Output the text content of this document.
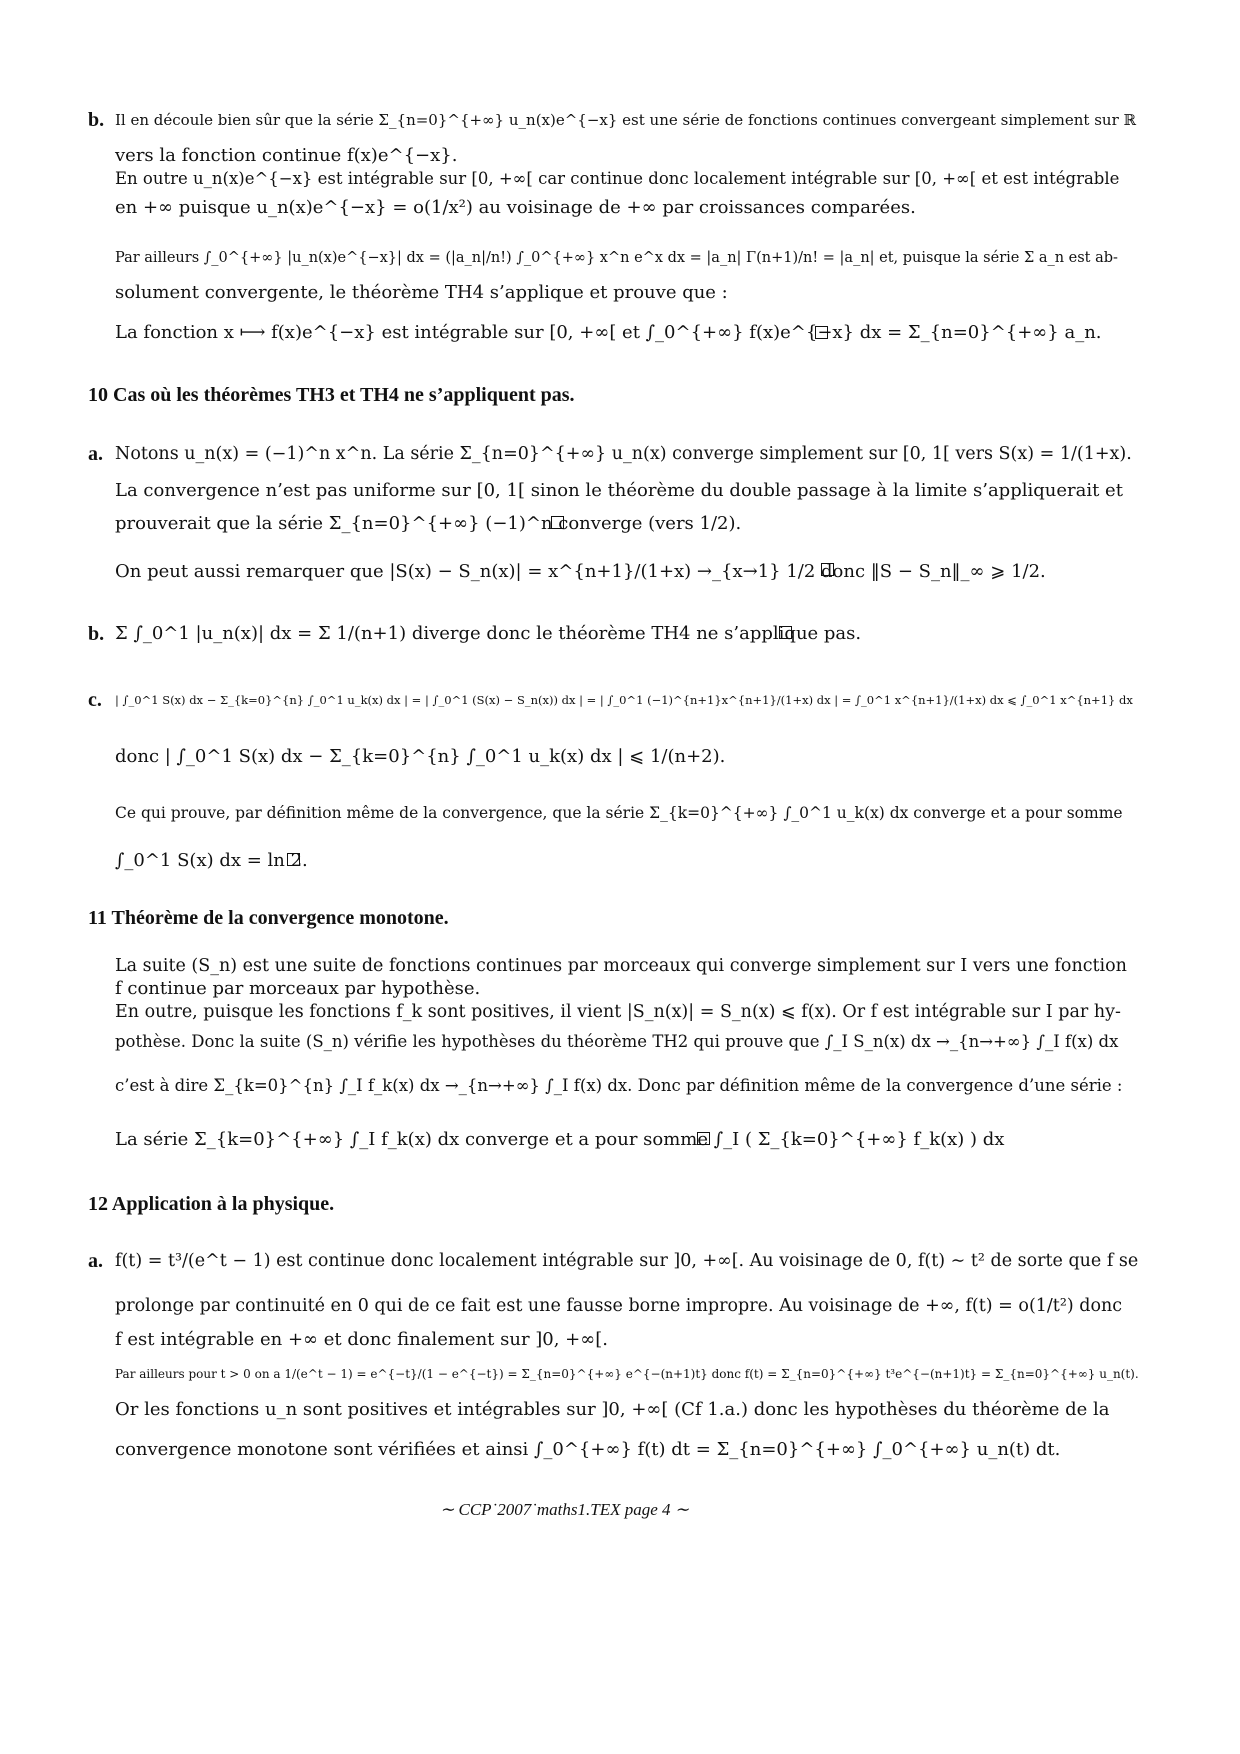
b. Il en découle bien sûr que la série Σ_{n=0}^{+∞} u_n(x)e^{−x} est une série de fonctions continues convergeant simplement sur ℝ
vers la fonction continue f(x)e^{−x}.
En outre u_n(x)e^{−x} est intégrable sur [0, +∞[ car continue donc localement intégrable sur [0, +∞[ et est intégrable
en +∞ puisque u_n(x)e^{−x} = o(1/x²) au voisinage de +∞ par croissances comparées.
Par ailleurs ∫_0^{+∞} |u_n(x)e^{−x}| dx = (|a_n|/n!) ∫_0^{+∞} x^n e^x dx = |a_n| Γ(n+1)/n! = |a_n| et, puisque la série Σ a_n est ab-
solument convergente, le théorème TH4 s’applique et prouve que :
La fonction x ⟼ f(x)e^{−x} est intégrable sur [0, +∞[ et ∫_0^{+∞} f(x)e^{−x} dx = Σ_{n=0}^{+∞} a_n.
10 Cas où les théorèmes TH3 et TH4 ne s’appliquent pas.
a. Notons u_n(x) = (−1)^n x^n. La série Σ_{n=0}^{+∞} u_n(x) converge simplement sur [0, 1[ vers S(x) = 1/(1+x).
La convergence n’est pas uniforme sur [0, 1[ sinon le théorème du double passage à la limite s’appliquerait et
prouverait que la série Σ_{n=0}^{+∞} (−1)^n converge (vers 1/2).
On peut aussi remarquer que |S(x) − S_n(x)| = x^{n+1}/(1+x) →_{x→1} 1/2 donc ‖S − S_n‖_∞ ⩾ 1/2.
b. Σ ∫_0^1 |u_n(x)| dx = Σ 1/(n+1) diverge donc le théorème TH4 ne s’applique pas.
c. | ∫_0^1 S(x) dx − Σ_{k=0}^{n} ∫_0^1 u_k(x) dx | = | ∫_0^1 (S(x) − S_n(x)) dx | = | ∫_0^1 (−1)^{n+1}x^{n+1}/(1+x) dx | = ∫_0^1 x^{n+1}/(1+x) dx ⩽ ∫_0^1 x^{n+1} dx
donc | ∫_0^1 S(x) dx − Σ_{k=0}^{n} ∫_0^1 u_k(x) dx | ⩽ 1/(n+2).
Ce qui prouve, par définition même de la convergence, que la série Σ_{k=0}^{+∞} ∫_0^1 u_k(x) dx converge et a pour somme
∫_0^1 S(x) dx = ln 2.
11 Théorème de la convergence monotone.
La suite (S_n) est une suite de fonctions continues par morceaux qui converge simplement sur I vers une fonction
f continue par morceaux par hypothèse.
En outre, puisque les fonctions f_k sont positives, il vient |S_n(x)| = S_n(x) ⩽ f(x). Or f est intégrable sur I par hy-
pothèse. Donc la suite (S_n) vérifie les hypothèses du théorème TH2 qui prouve que ∫_I S_n(x) dx →_{n→+∞} ∫_I f(x) dx
c’est à dire Σ_{k=0}^{n} ∫_I f_k(x) dx →_{n→+∞} ∫_I f(x) dx. Donc par définition même de la convergence d’une série :
La série Σ_{k=0}^{+∞} ∫_I f_k(x) dx converge et a pour somme ∫_I ( Σ_{k=0}^{+∞} f_k(x) ) dx
12 Application à la physique.
a. f(t) = t³/(e^t − 1) est continue donc localement intégrable sur ]0, +∞[. Au voisinage de 0, f(t) ∼ t² de sorte que f se
prolonge par continuité en 0 qui de ce fait est une fausse borne impropre. Au voisinage de +∞, f(t) = o(1/t²) donc
f est intégrable en +∞ et donc finalement sur ]0, +∞[.
Par ailleurs pour t > 0 on a 1/(e^t − 1) = e^{−t}/(1 − e^{−t}) = Σ_{n=0}^{+∞} e^{−(n+1)t} donc f(t) = Σ_{n=0}^{+∞} t³e^{−(n+1)t} = Σ_{n=0}^{+∞} u_n(t).
Or les fonctions u_n sont positives et intégrables sur ]0, +∞[ (Cf 1.a.) donc les hypothèses du théorème de la
convergence monotone sont vérifiées et ainsi ∫_0^{+∞} f(t) dt = Σ_{n=0}^{+∞} ∫_0^{+∞} u_n(t) dt.
∼ CCP˙2007˙maths1.TEX page 4 ∼
